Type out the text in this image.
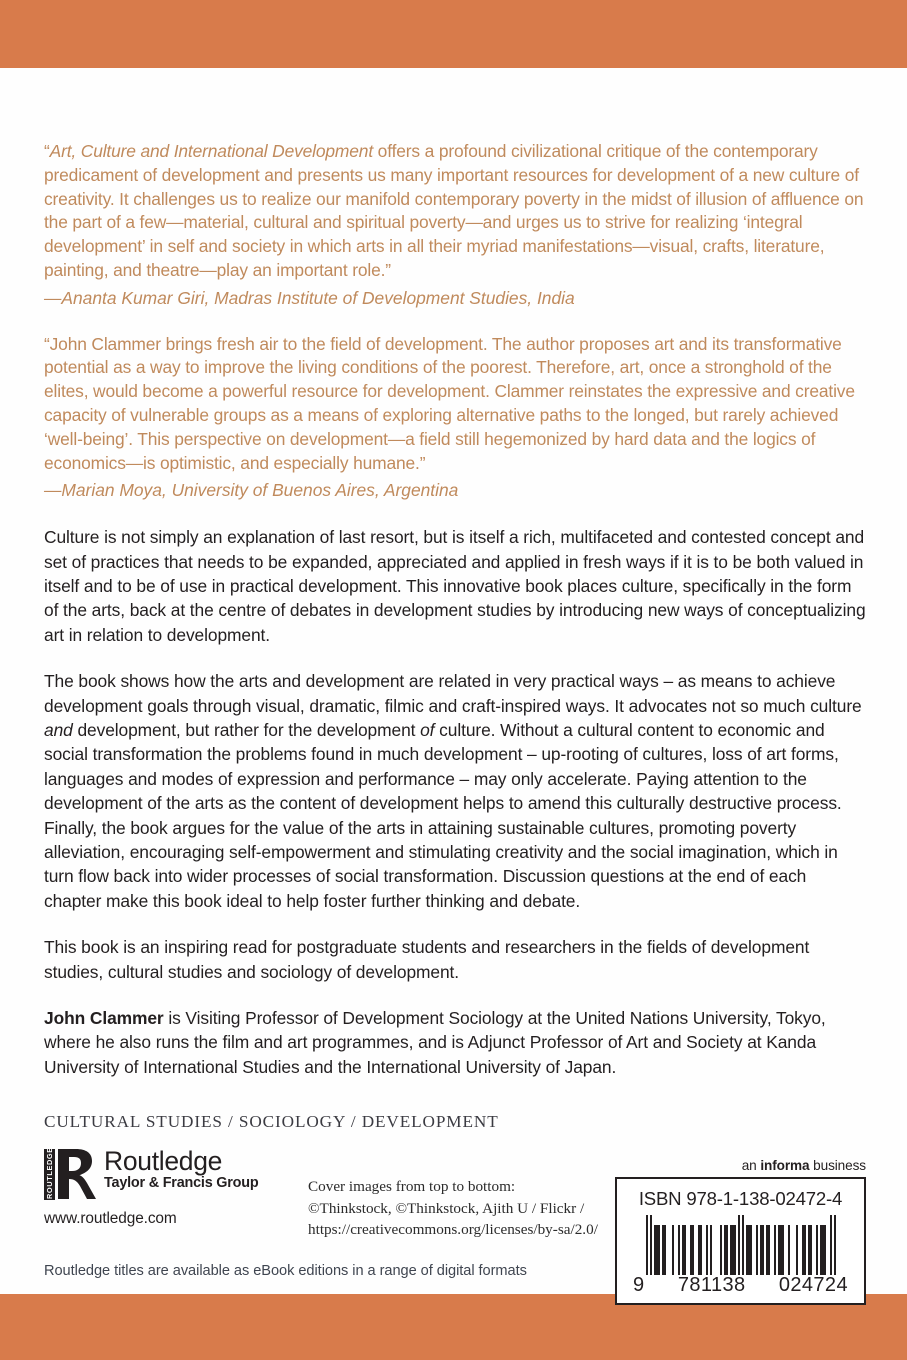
“Art, Culture and International Development offers a profound civilizational critique of the contemporary predicament of development and presents us many important resources for development of a new culture of creativity. It challenges us to realize our manifold contemporary poverty in the midst of illusion of affluence on the part of a few—material, cultural and spiritual poverty—and urges us to strive for realizing ‘integral development’ in self and society in which arts in all their myriad manifestations—visual, crafts, literature, painting, and theatre—play an important role.”

—Ananta Kumar Giri, Madras Institute of Development Studies, India

“John Clammer brings fresh air to the field of development. The author proposes art and its transformative potential as a way to improve the living conditions of the poorest. Therefore, art, once a stronghold of the elites, would become a powerful resource for development. Clammer reinstates the expressive and creative capacity of vulnerable groups as a means of exploring alternative paths to the longed, but rarely achieved ‘well-being’. This perspective on development—a field still hegemonized by hard data and the logics of economics—is optimistic, and especially humane.”

—Marian Moya, University of Buenos Aires, Argentina

Culture is not simply an explanation of last resort, but is itself a rich, multifaceted and contested concept and set of practices that needs to be expanded, appreciated and applied in fresh ways if it is to be both valued in itself and to be of use in practical development. This innovative book places culture, specifically in the form of the arts, back at the centre of debates in development studies by introducing new ways of conceptualizing art in relation to development.

The book shows how the arts and development are related in very practical ways – as means to achieve development goals through visual, dramatic, filmic and craft-inspired ways. It advocates not so much culture and development, but rather for the development of culture. Without a cultural content to economic and social transformation the problems found in much development – up-rooting of cultures, loss of art forms, languages and modes of expression and performance – may only accelerate. Paying attention to the development of the arts as the content of development helps to amend this culturally destructive process. Finally, the book argues for the value of the arts in attaining sustainable cultures, promoting poverty alleviation, encouraging self-empowerment and stimulating creativity and the social imagination, which in turn flow back into wider processes of social transformation. Discussion questions at the end of each chapter make this book ideal to help foster further thinking and debate.

This book is an inspiring read for postgraduate students and researchers in the fields of development studies, cultural studies and sociology of development.

John Clammer is Visiting Professor of Development Sociology at the United Nations University, Tokyo, where he also runs the film and art programmes, and is Adjunct Professor of Art and Society at Kanda University of International Studies and the International University of Japan.

CULTURAL STUDIES / SOCIOLOGY / DEVELOPMENT
ROUTLEDGE Routledge
Taylor & Francis Group
www.routledge.com
Cover images from top to bottom:
©Thinkstock, ©Thinkstock, Ajith U / Flickr /
https://creativecommons.org/licenses/by-sa/2.0/
an informa business
ISBN 978-1-138-02472-4
9 781138 024724
Routledge titles are available as eBook editions in a range of digital formats
